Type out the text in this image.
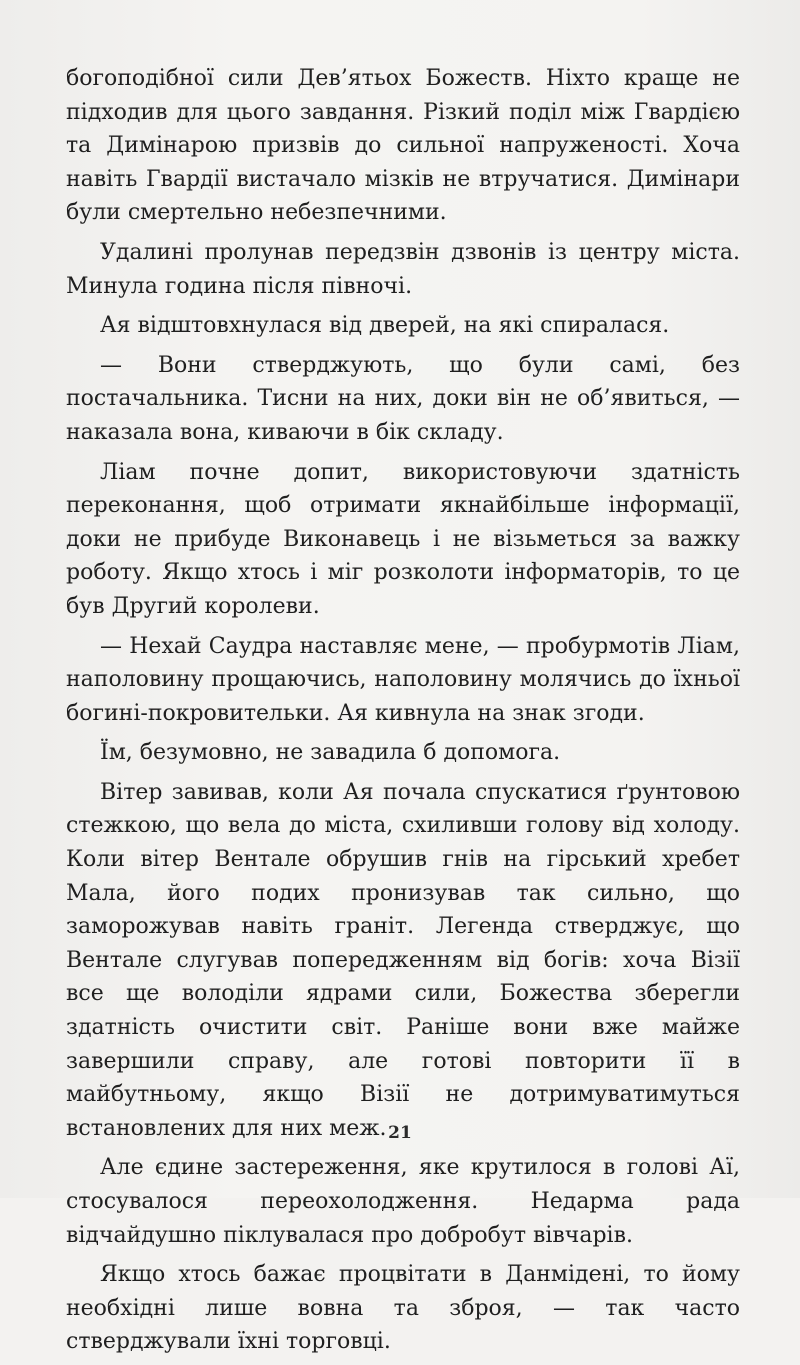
богоподібної сили Дев’ятьох Божеств. Ніхто краще не підходив для цього завдання. Різкий поділ між Гвардією та Димінарою призвів до сильної напруженості. Хоча навіть Гвардії вистачало мізків не втручатися. Димінари були смертельно небезпечними.

Удалині пролунав передзвін дзвонів із центру міста. Минула година після півночі.

Ая відштовхнулася від дверей, на які спиралася.

— Вони стверджують, що були самі, без постачальника. Тисни на них, доки він не об’явиться, — наказала вона, киваючи в бік складу.

Ліам почне допит, використовуючи здатність переконання, щоб отримати якнайбільше інформації, доки не прибуде Виконавець і не візьметься за важку роботу. Якщо хтось і міг розколоти інформаторів, то це був Другий королеви.

— Нехай Саудра наставляє мене, — пробурмотів Ліам, наполовину прощаючись, наполовину молячись до їхньої богині-покровительки. Ая кивнула на знак згоди.

Їм, безумовно, не завадила б допомога.

Вітер завивав, коли Ая почала спускатися ґрунтовою стежкою, що вела до міста, схиливши голову від холоду. Коли вітер Вентале обрушив гнів на гірський хребет Мала, його подих пронизував так сильно, що заморожував навіть граніт. Легенда стверджує, що Вентале слугував попередженням від богів: хоча Візії все ще володіли ядрами сили, Божества зберегли здатність очистити світ. Раніше вони вже майже завершили справу, але готові повторити її в майбутньому, якщо Візії не дотримуватимуться встановлених для них меж.

Але єдине застереження, яке крутилося в голові Аї, стосувалося переохолодження. Недарма рада відчайдушно піклувалася про добробут вівчарів.

Якщо хтось бажає процвітати в Данмідені, то йому необхідні лише вовна та зброя, — так часто стверджували їхні торговці.

21
